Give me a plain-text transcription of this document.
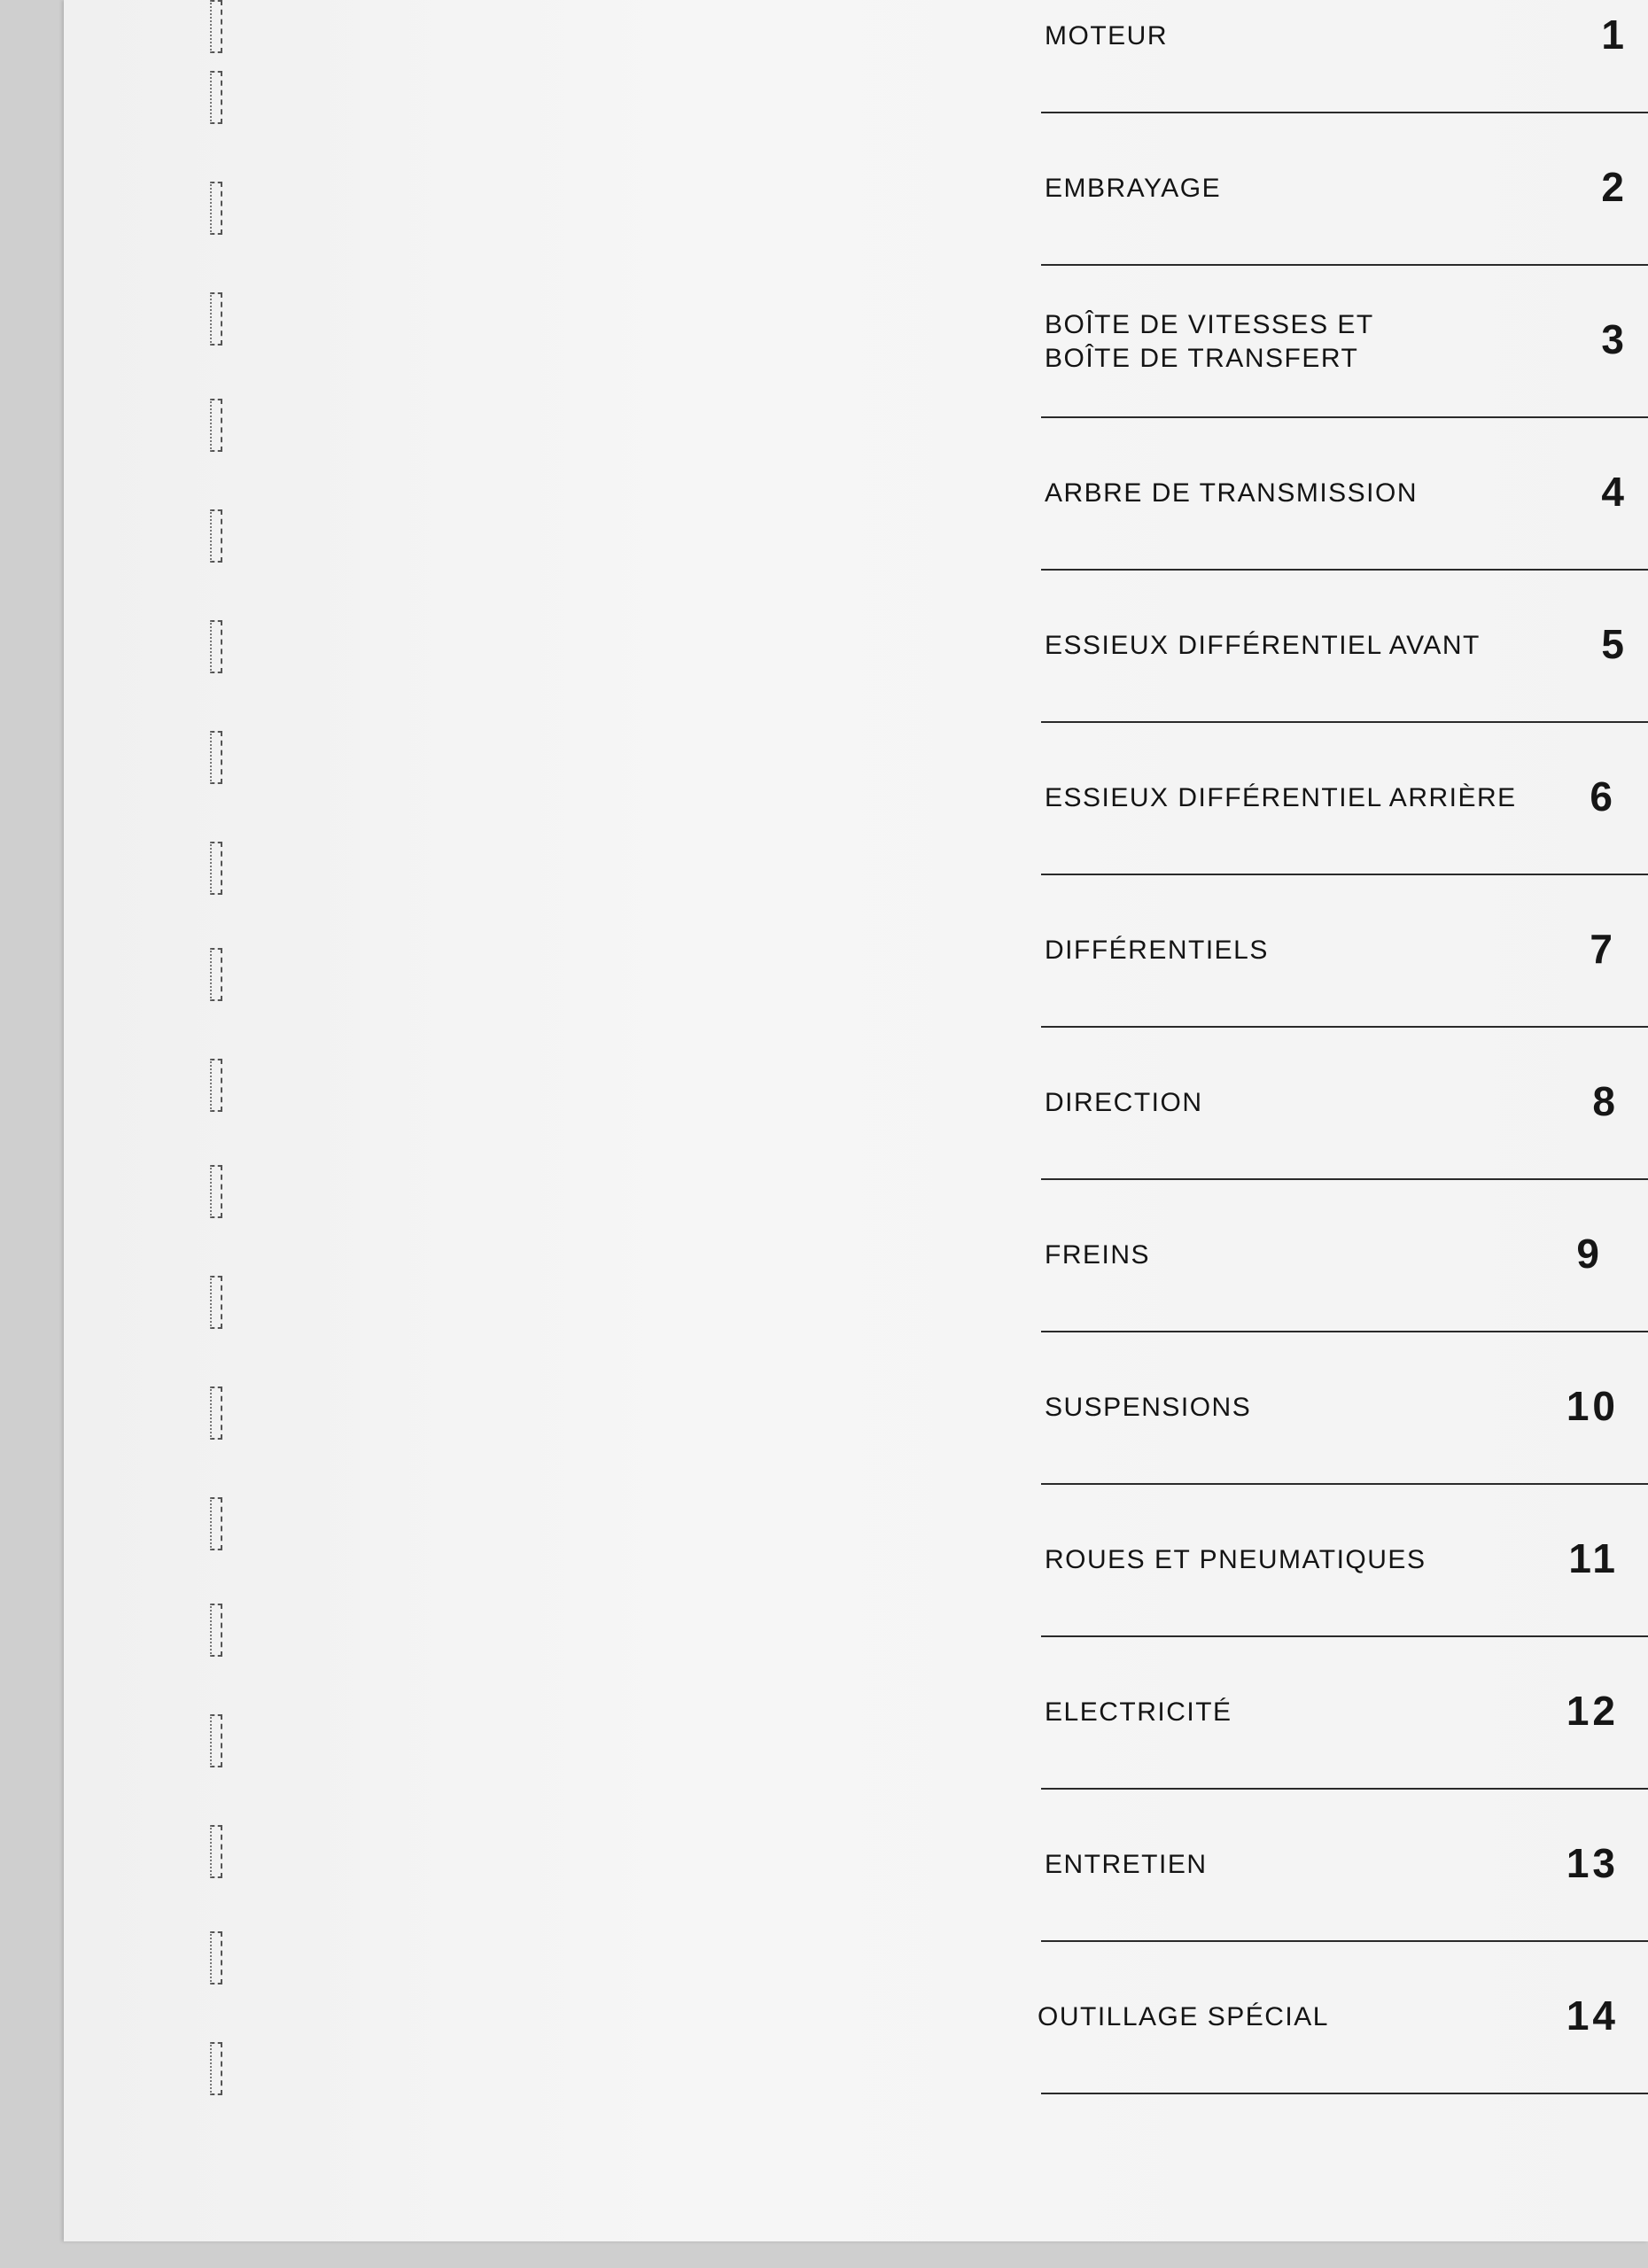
MOTEUR	1
EMBRAYAGE	2
BOÎTE DE VITESSES ET
BOÎTE DE TRANSFERT	3
ARBRE DE TRANSMISSION	4
ESSIEUX DIFFÉRENTIEL AVANT	5
ESSIEUX DIFFÉRENTIEL ARRIÈRE	6
DIFFÉRENTIELS	7
DIRECTION	8
FREINS	9
SUSPENSIONS	10
ROUES ET PNEUMATIQUES	11
ELECTRICITÉ	12
ENTRETIEN	13
OUTILLAGE SPÉCIAL	14
